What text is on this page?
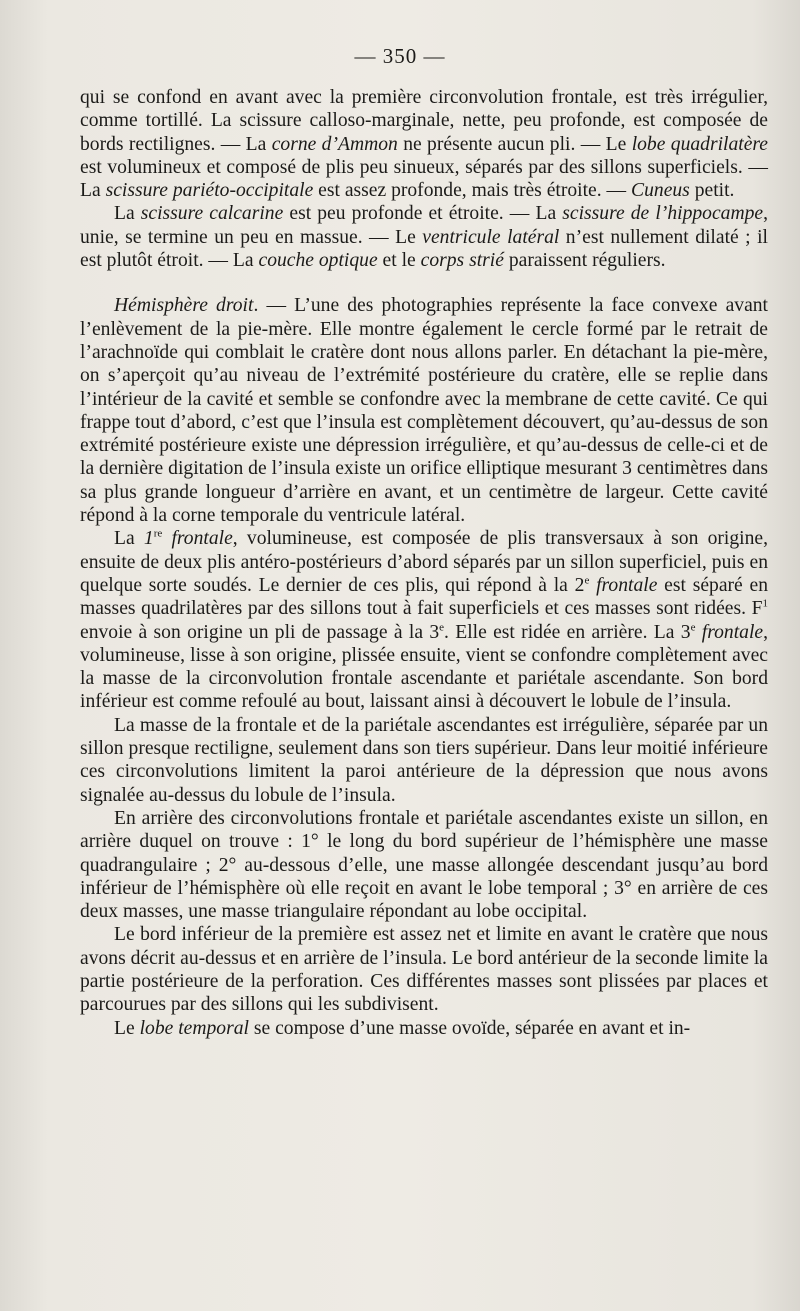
— 350 —

qui se confond en avant avec la première circonvolution frontale, est très irrégulier, comme tortillé. La scissure calloso-marginale, nette, peu profonde, est composée de bords rectilignes. — La corne d’Ammon ne présente aucun pli. — Le lobe quadrilatère est volumineux et composé de plis peu sinueux, séparés par des sillons superficiels. — La scissure pariéto-occipitale est assez profonde, mais très étroite. — Cuneus petit.

La scissure calcarine est peu profonde et étroite. — La scissure de l’hippocampe, unie, se termine un peu en massue. — Le ventricule latéral n’est nullement dilaté ; il est plutôt étroit. — La couche optique et le corps strié paraissent réguliers.

Hémisphère droit. — L’une des photographies représente la face convexe avant l’enlèvement de la pie-mère. Elle montre également le cercle formé par le retrait de l’arachnoïde qui comblait le cratère dont nous allons parler. En détachant la pie-mère, on s’aperçoit qu’au niveau de l’extrémité postérieure du cratère, elle se replie dans l’intérieur de la cavité et semble se confondre avec la membrane de cette cavité. Ce qui frappe tout d’abord, c’est que l’insula est complètement découvert, qu’au-dessus de son extrémité postérieure existe une dépression irrégulière, et qu’au-dessus de celle-ci et de la dernière digitation de l’insula existe un orifice elliptique mesurant 3 centimètres dans sa plus grande longueur d’arrière en avant, et un centimètre de largeur. Cette cavité répond à la corne temporale du ventricule latéral.

La 1re frontale, volumineuse, est composée de plis transversaux à son origine, ensuite de deux plis antéro-postérieurs d’abord séparés par un sillon superficiel, puis en quelque sorte soudés. Le dernier de ces plis, qui répond à la 2e frontale est séparé en masses quadrilatères par des sillons tout à fait superficiels et ces masses sont ridées. $F^1$ envoie à son origine un pli de passage à la 3e. Elle est ridée en arrière. La 3e frontale, volumineuse, lisse à son origine, plissée ensuite, vient se confondre complètement avec la masse de la circonvolution frontale ascendante et pariétale ascendante. Son bord inférieur est comme refoulé au bout, laissant ainsi à découvert le lobule de l’insula.

La masse de la frontale et de la pariétale ascendantes est irrégulière, séparée par un sillon presque rectiligne, seulement dans son tiers supérieur. Dans leur moitié inférieure ces circonvolutions limitent la paroi antérieure de la dépression que nous avons signalée au-dessus du lobule de l’insula.

En arrière des circonvolutions frontale et pariétale ascendantes existe un sillon, en arrière duquel on trouve : 1° le long du bord supérieur de l’hémisphère une masse quadrangulaire ; 2° au-dessous d’elle, une masse allongée descendant jusqu’au bord inférieur de l’hémisphère où elle reçoit en avant le lobe temporal ; 3° en arrière de ces deux masses, une masse triangulaire répondant au lobe occipital.

Le bord inférieur de la première est assez net et limite en avant le cratère que nous avons décrit au-dessus et en arrière de l’insula. Le bord antérieur de la seconde limite la partie postérieure de la perforation. Ces différentes masses sont plissées par places et parcourues par des sillons qui les subdivisent.

Le lobe temporal se compose d’une masse ovoïde, séparée en avant et in-
